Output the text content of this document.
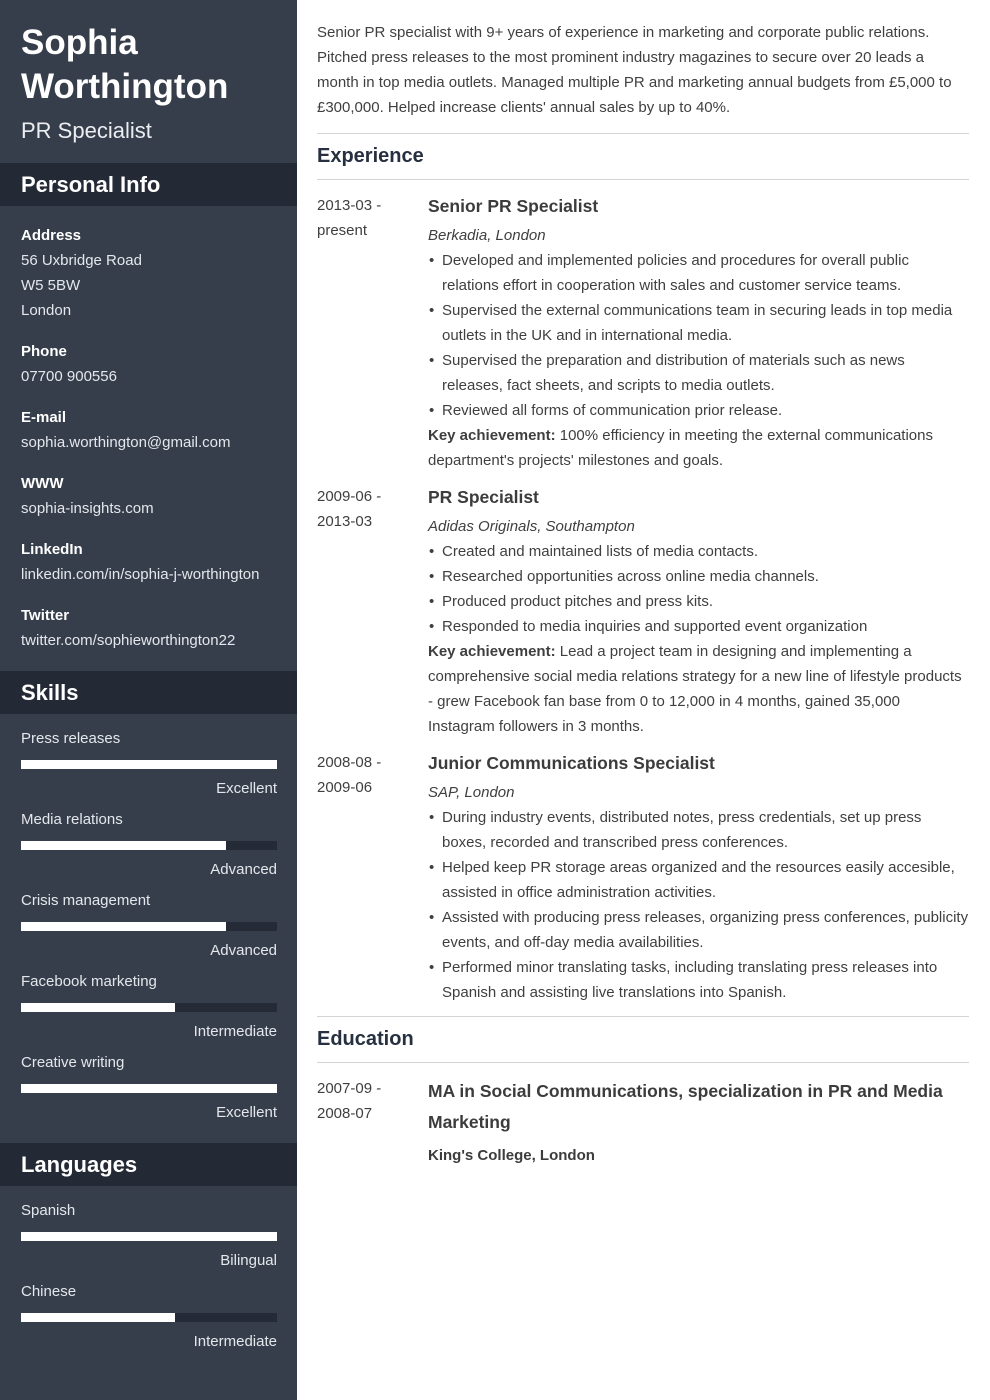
Sophia Worthington
PR Specialist
Personal Info
Address
56 Uxbridge Road
W5 5BW
London
Phone
07700 900556
E-mail
sophia.worthington@gmail.com
WWW
sophia-insights.com
LinkedIn
linkedin.com/in/sophia-j-worthington
Twitter
twitter.com/sophieworthington22
Skills
Press releases
Excellent
Media relations
Advanced
Crisis management
Advanced
Facebook marketing
Intermediate
Creative writing
Excellent
Languages
Spanish
Bilingual
Chinese
Intermediate

Senior PR specialist with 9+ years of experience in marketing and corporate public relations. Pitched press releases to the most prominent industry magazines to secure over 20 leads a month in top media outlets. Managed multiple PR and marketing annual budgets from £5,000 to £300,000. Helped increase clients' annual sales by up to 40%.

Experience
2013-03 -
present
Senior PR Specialist
Berkadia, London
• Developed and implemented policies and procedures for overall public relations effort in cooperation with sales and customer service teams.
• Supervised the external communications team in securing leads in top media outlets in the UK and in international media.
• Supervised the preparation and distribution of materials such as news releases, fact sheets, and scripts to media outlets.
• Reviewed all forms of communication prior release.

Key achievement: 100% efficiency in meeting the external communications department's projects' milestones and goals.

2009-06 -
2013-03
PR Specialist
Adidas Originals, Southampton
• Created and maintained lists of media contacts.
• Researched opportunities across online media channels.
• Produced product pitches and press kits.
• Responded to media inquiries and supported event organization

Key achievement: Lead a project team in designing and implementing a comprehensive social media relations strategy for a new line of lifestyle products - grew Facebook fan base from 0 to 12,000 in 4 months, gained 35,000 Instagram followers in 3 months.

2008-08 -
2009-06
Junior Communications Specialist
SAP, London
• During industry events, distributed notes, press credentials, set up press boxes, recorded and transcribed press conferences.
• Helped keep PR storage areas organized and the resources easily accesible, assisted in office administration activities.
• Assisted with producing press releases, organizing press conferences, publicity events, and off-day media availabilities.
• Performed minor translating tasks, including translating press releases into Spanish and assisting live translations into Spanish.
Education
2007-09 -
2008-07
MA in Social Communications, specialization in PR and Media Marketing
King's College, London
